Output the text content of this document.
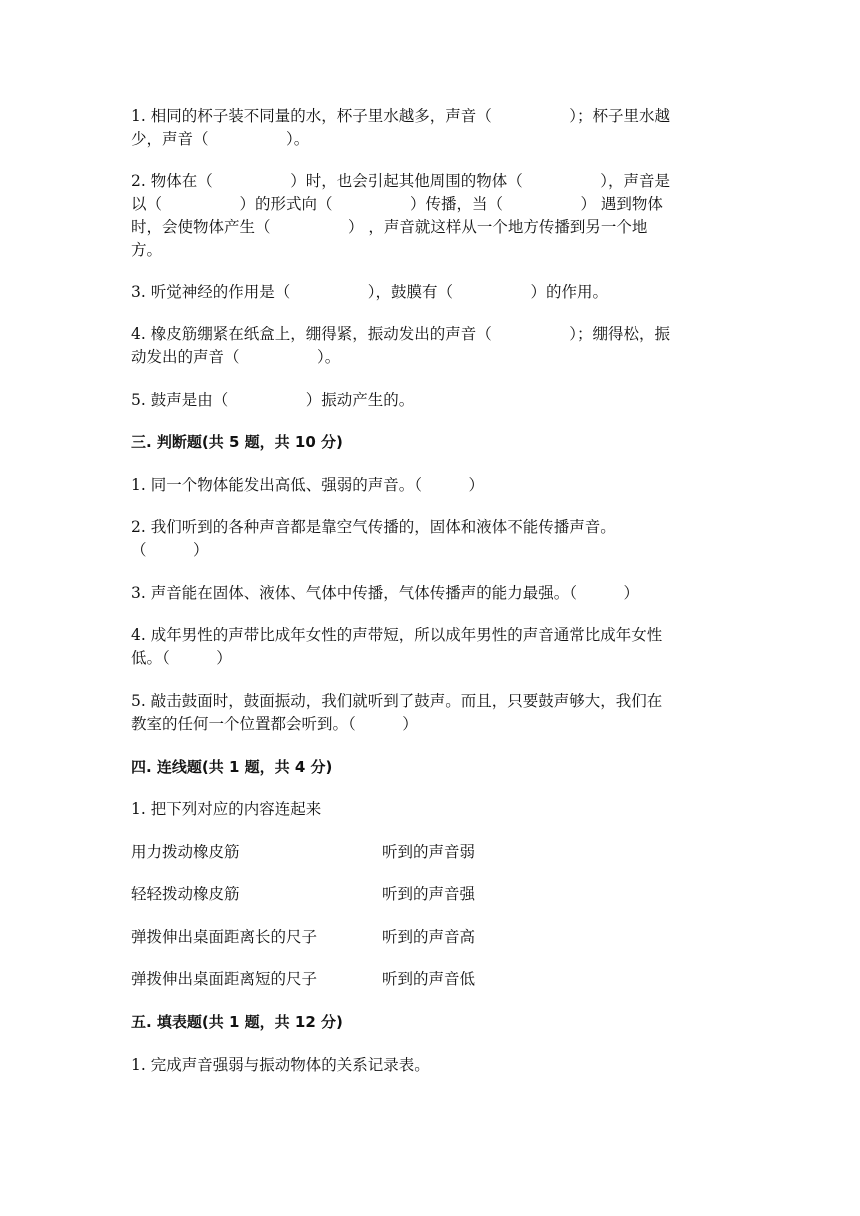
1. 相同的杯子装不同量的水，杯子里水越多，声音（　　　　　）；杯子里水越
少，声音（　　　　　）。
2. 物体在（　　　　　）时，也会引起其他周围的物体（　　　　　），声音是
以（　　　　　）的形式向（　　　　　）传播，当（　　　　　） 遇到物体
时，会使物体产生（　　　　　） ，声音就这样从一个地方传播到另一个地
方。
3. 听觉神经的作用是（　　　　　），鼓膜有（　　　　　）的作用。
4. 橡皮筋绷紧在纸盒上，绷得紧，振动发出的声音（　　　　　）；绷得松，振
动发出的声音（　　　　　）。
5. 鼓声是由（　　　　　）振动产生的。
三. 判断题(共 5 题，共 10 分)
1. 同一个物体能发出高低、强弱的声音。（　　　）
2. 我们听到的各种声音都是靠空气传播的，固体和液体不能传播声音。
（　　　）
3. 声音能在固体、液体、气体中传播，气体传播声的能力最强。（　　　）
4. 成年男性的声带比成年女性的声带短，所以成年男性的声音通常比成年女性
低。（　　　）
5. 敲击鼓面时，鼓面振动，我们就听到了鼓声。而且，只要鼓声够大，我们在
教室的任何一个位置都会听到。（　　　）
四. 连线题(共 1 题，共 4 分)
1. 把下列对应的内容连起来
用力拨动橡皮筋	听到的声音弱
轻轻拨动橡皮筋	听到的声音强
弹拨伸出桌面距离长的尺子	听到的声音高
弹拨伸出桌面距离短的尺子	听到的声音低
五. 填表题(共 1 题，共 12 分)
1. 完成声音强弱与振动物体的关系记录表。
